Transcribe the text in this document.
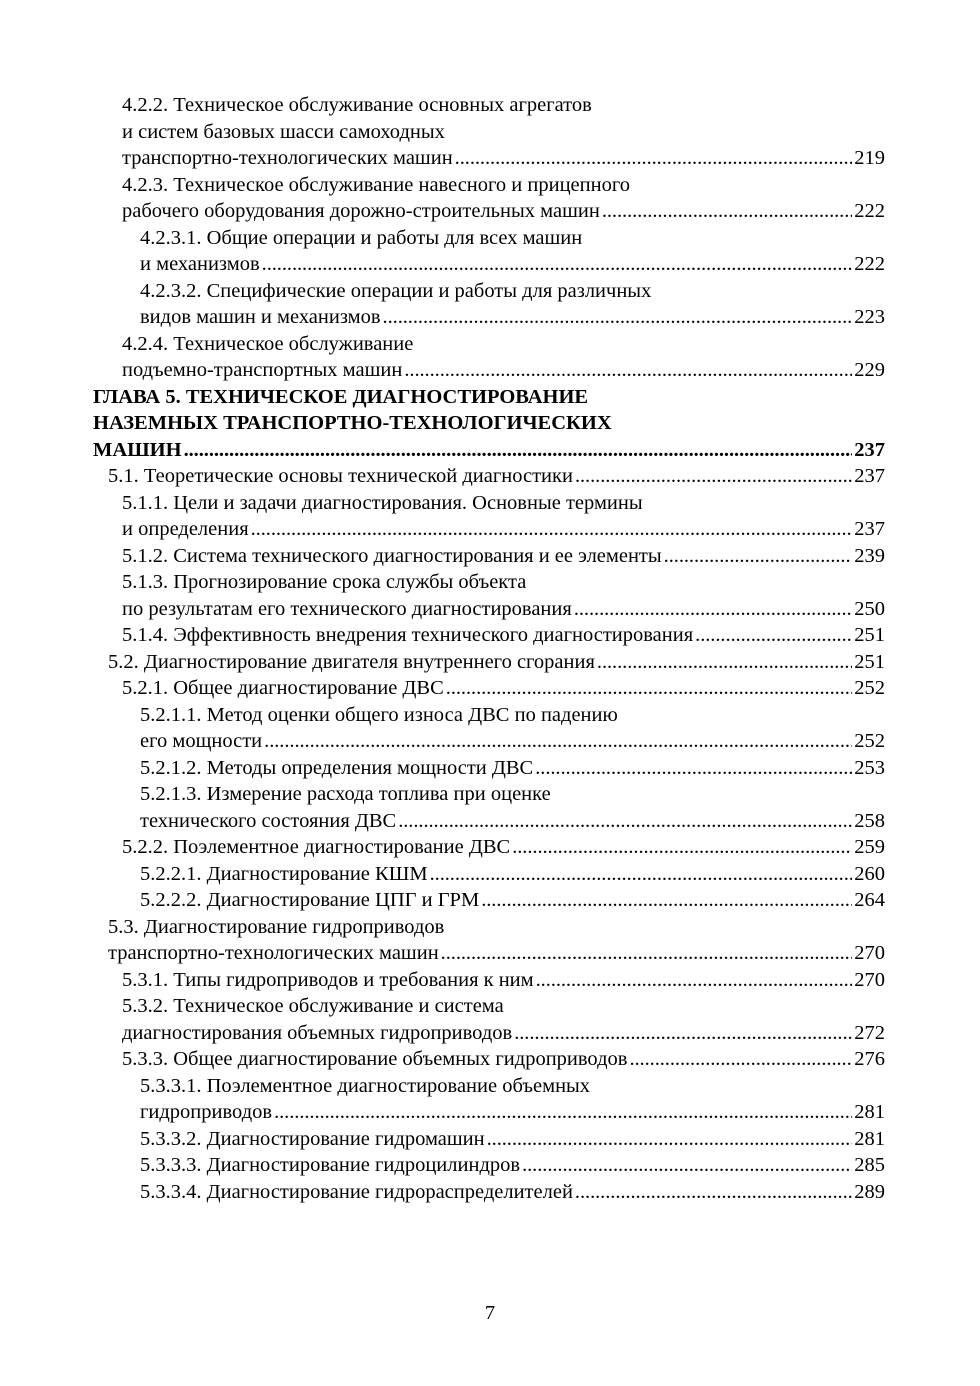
4.2.2. Техническое обслуживание основных агрегатов
и систем базовых шасси самоходных
транспортно-технологических машин . . .	219
4.2.3. Техническое обслуживание навесного и прицепного
рабочего оборудования дорожно-строительных машин . . .	222
4.2.3.1. Общие операции и работы для всех машин
и механизмов . . .	222
4.2.3.2. Специфические операции и работы для различных
видов машин и механизмов . . .	223
4.2.4. Техническое обслуживание
подъемно-транспортных машин . . .	229
ГЛАВА 5. ТЕХНИЧЕСКОЕ ДИАГНОСТИРОВАНИЕ
НАЗЕМНЫХ ТРАНСПОРТНО-ТЕХНОЛОГИЧЕСКИХ
МАШИН . . .	237
5.1. Теоретические основы технической диагностики . . .	237
5.1.1. Цели и задачи диагностирования. Основные термины
и определения . . .	237
5.1.2. Система технического диагностирования и ее элементы . . .	239
5.1.3. Прогнозирование срока службы объекта
по результатам его технического диагностирования . . .	250
5.1.4. Эффективность внедрения технического диагностирования . . .	251
5.2. Диагностирование двигателя внутреннего сгорания . . .	251
5.2.1. Общее диагностирование ДВС . . .	252
5.2.1.1. Метод оценки общего износа ДВС по падению
его мощности . . .	252
5.2.1.2. Методы определения мощности ДВС . . .	253
5.2.1.3. Измерение расхода топлива при оценке
технического состояния ДВС . . .	258
5.2.2. Поэлементное диагностирование ДВС . . .	259
5.2.2.1. Диагностирование КШМ . . .	260
5.2.2.2. Диагностирование ЦПГ и ГРМ . . .	264
5.3. Диагностирование гидроприводов
транспортно-технологических машин . . .	270
5.3.1. Типы гидроприводов и требования к ним . . .	270
5.3.2. Техническое обслуживание и система
диагностирования объемных гидроприводов . . .	272
5.3.3. Общее диагностирование объемных гидроприводов . . .	276
5.3.3.1. Поэлементное диагностирование объемных
гидроприводов . . .	281
5.3.3.2. Диагностирование гидромашин . . .	281
5.3.3.3. Диагностирование гидроцилиндров . . .	285
5.3.3.4. Диагностирование гидрораспределителей . . .	289
7
